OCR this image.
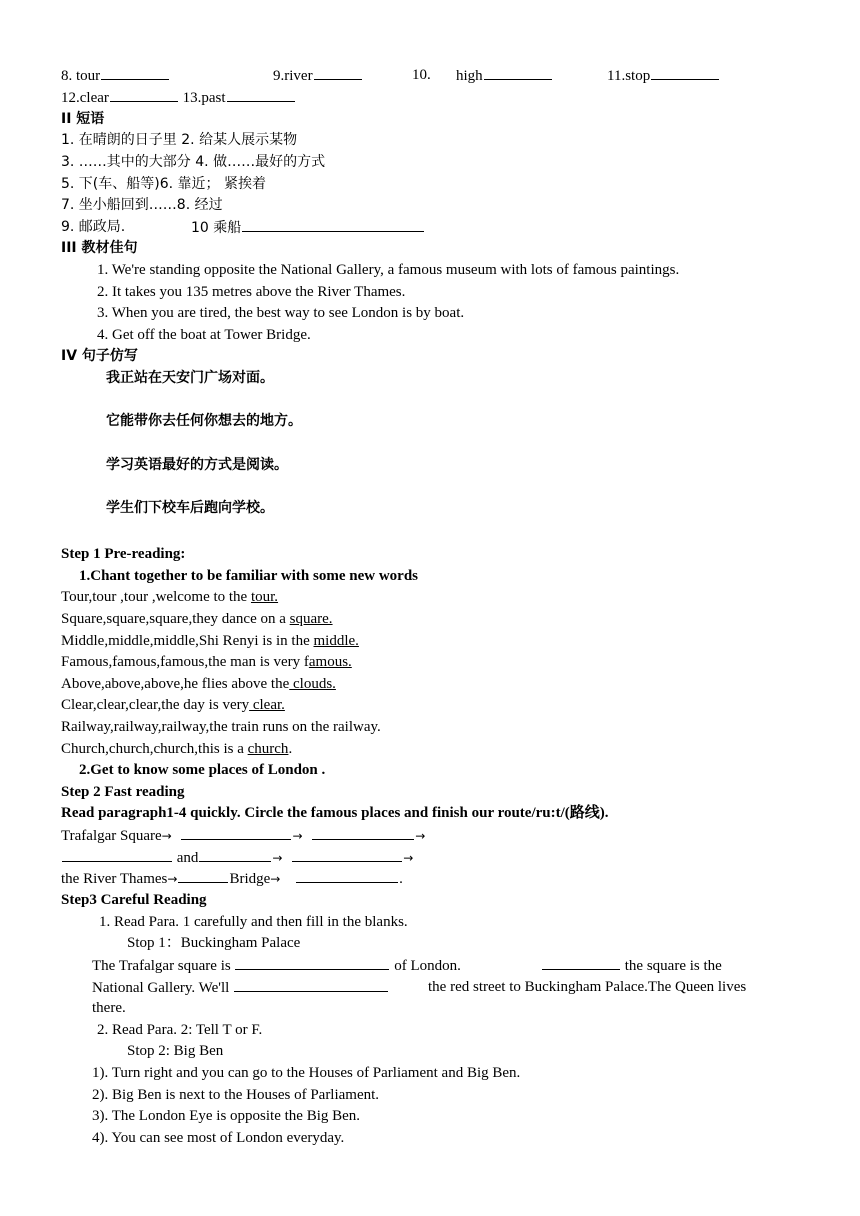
8. tour	9.river	10. high	11.stop
12.clear	13.past
II 短语
1. 在晴朗的日子里 2. 给某人展示某物
3. ……其中的大部分 4. 做……最好的方式
5. 下(车、船等)6. 靠近； 紧挨着
7. 坐小船回到……8. 经过
9. 邮政局.	10 乘船
III 教材佳句
1. We're standing opposite the National Gallery, a famous museum with lots of famous paintings.
2. It takes you 135 metres above the River Thames.
3. When you are tired, the best way to see London is by boat.
4. Get off the boat at Tower Bridge.
IV 句子仿写
我正站在天安门广场对面。
它能带你去任何你想去的地方。
学习英语最好的方式是阅读。
学生们下校车后跑向学校。
Step 1 Pre-reading:
1.Chant together to be familiar with some new words
Tour,tour ,tour ,welcome to the tour.
Square,square,square,they dance on a square.
Middle,middle,middle,Shi Renyi is in the middle.
Famous,famous,famous,the man is very famous.
Above,above,above,he flies above the clouds.
Clear,clear,clear,the day is very clear.
Railway,railway,railway,the train runs on the railway.
Church,church,church,this is a church.
2.Get to know some places of London .
Step 2 Fast reading
Read paragraph1-4 quickly. Circle the famous places and finish our route/ru:t/(路线).
Trafalgar Square→	→	→
and	→	→
the River Thames→	Bridge→	.
Step3 Careful Reading
1. Read Para. 1 carefully and then fill in the blanks.
Stop 1：Buckingham Palace
The Trafalgar square is	of London.	the square is the
National Gallery. We'll	the red street to Buckingham Palace.The Queen lives
there.
2. Read Para. 2: Tell T or F.
Stop 2: Big Ben
1). Turn right and you can go to the Houses of Parliament and Big Ben.
2). Big Ben is next to the Houses of Parliament.
3). The London Eye is opposite the Big Ben.
4). You can see most of London everyday.
